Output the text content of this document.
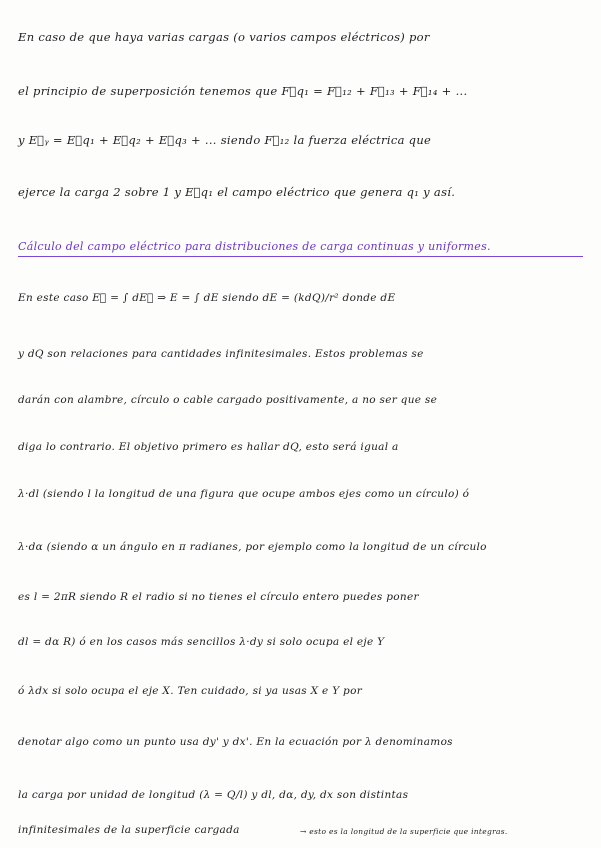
En caso de que haya varias cargas (o varios campos eléctricos) por
el principio de superposición tenemos que F⃗q₁ = F⃗₁₂ + F⃗₁₃ + F⃗₁₄ + ...
y E⃗ᵧ = E⃗q₁ + E⃗q₂ + E⃗q₃ + ... siendo F⃗₁₂ la fuerza eléctrica que
ejerce la carga 2 sobre 1 y E⃗q₁ el campo eléctrico que genera q₁ y así.
Cálculo del campo eléctrico para distribuciones de carga continuas y uniformes.
En este caso E⃗ = ∫ dE⃗ ⇒ E = ∫ dE siendo dE = (kdQ)/r² donde dE
y dQ son relaciones para cantidades infinitesimales. Estos problemas se
darán con alambre, círculo o cable cargado positivamente, a no ser que se
diga lo contrario. El objetivo primero es hallar dQ, esto será igual a
λ·dl (siendo l la longitud de una figura que ocupe ambos ejes como un círculo) ó
λ·dα (siendo α un ángulo en π radianes, por ejemplo como la longitud de un círculo
es l = 2πR siendo R el radio si no tienes el círculo entero puedes poner
dl = dα R) ó en los casos más sencillos λ·dy si solo ocupa el eje Y
ó λdx si solo ocupa el eje X. Ten cuidado, si ya usas X e Y por
denotar algo como un punto usa dy' y dx'. En la ecuación por λ denominamos
la carga por unidad de longitud (λ = Q/l) y dl, dα, dy, dx son distintas
infinitesimales de la superficie cargada	→ esto es la longitud de la superficie que integras.
